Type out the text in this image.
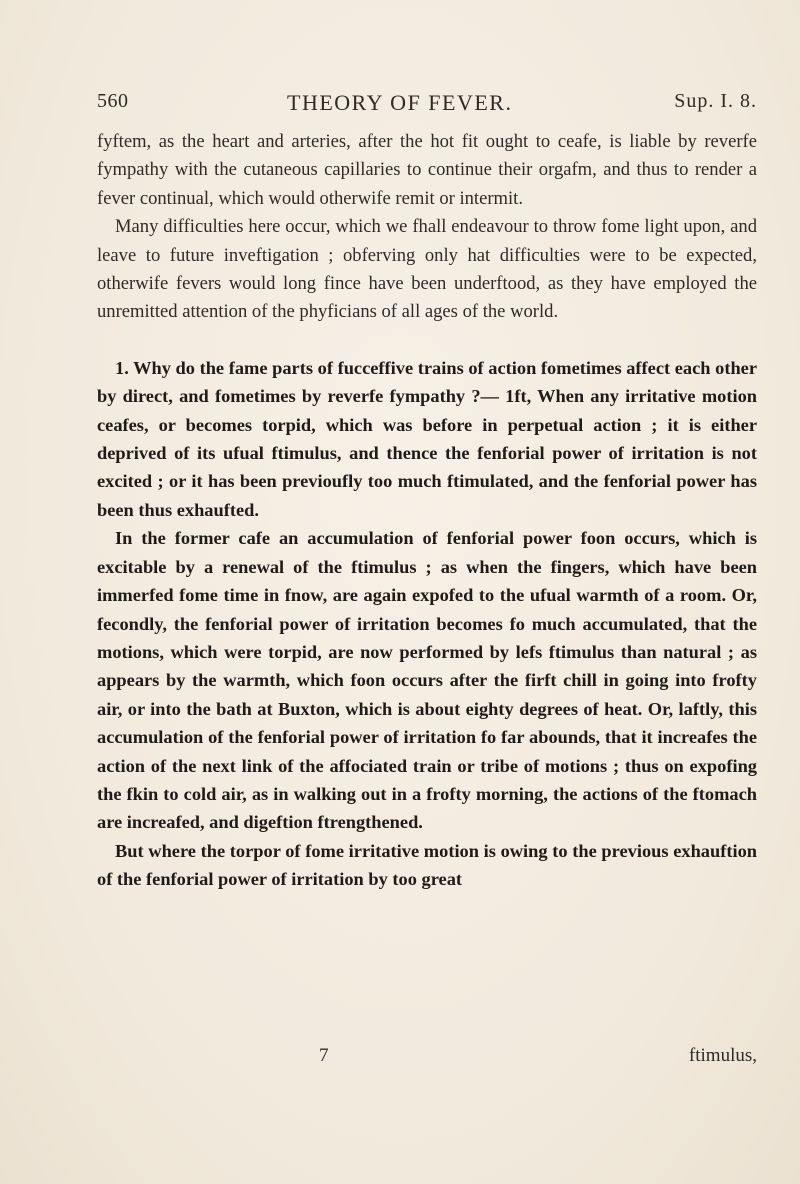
560	THEORY OF FEVER.	Sup. I. 8.

fyftem, as the heart and arteries, after the hot fit ought to ceafe, is liable by reverfe fympathy with the cutaneous capillaries to continue their orgafm, and thus to render a fever continual, which would otherwife remit or intermit.

Many difficulties here occur, which we fhall endeavour to throw fome light upon, and leave to future inveftigation ; obferving only hat difficulties were to be expected, otherwife fevers would long fince have been underftood, as they have employed the unremitted attention of the phyficians of all ages of the world.

1. Why do the fame parts of fucceffive trains of action fometimes affect each other by direct, and fometimes by reverfe fympathy ?— 1ft, When any irritative motion ceafes, or becomes torpid, which was before in perpetual action ; it is either deprived of its ufual ftimulus, and thence the fenforial power of irritation is not excited ; or it has been previoufly too much ftimulated, and the fenforial power has been thus exhaufted.

In the former cafe an accumulation of fenforial power foon occurs, which is excitable by a renewal of the ftimulus ; as when the fingers, which have been immerfed fome time in fnow, are again expofed to the ufual warmth of a room. Or, fecondly, the fenforial power of irritation becomes fo much accumulated, that the motions, which were torpid, are now performed by lefs ftimulus than natural ; as appears by the warmth, which foon occurs after the firft chill in going into frofty air, or into the bath at Buxton, which is about eighty degrees of heat. Or, laftly, this accumulation of the fenforial power of irritation fo far abounds, that it increafes the action of the next link of the affociated train or tribe of motions ; thus on expofing the fkin to cold air, as in walking out in a frofty morning, the actions of the ftomach are increafed, and digeftion ftrengthened.

But where the torpor of fome irritative motion is owing to the previous exhauftion of the fenforial power of irritation by too great

7	ftimulus,
